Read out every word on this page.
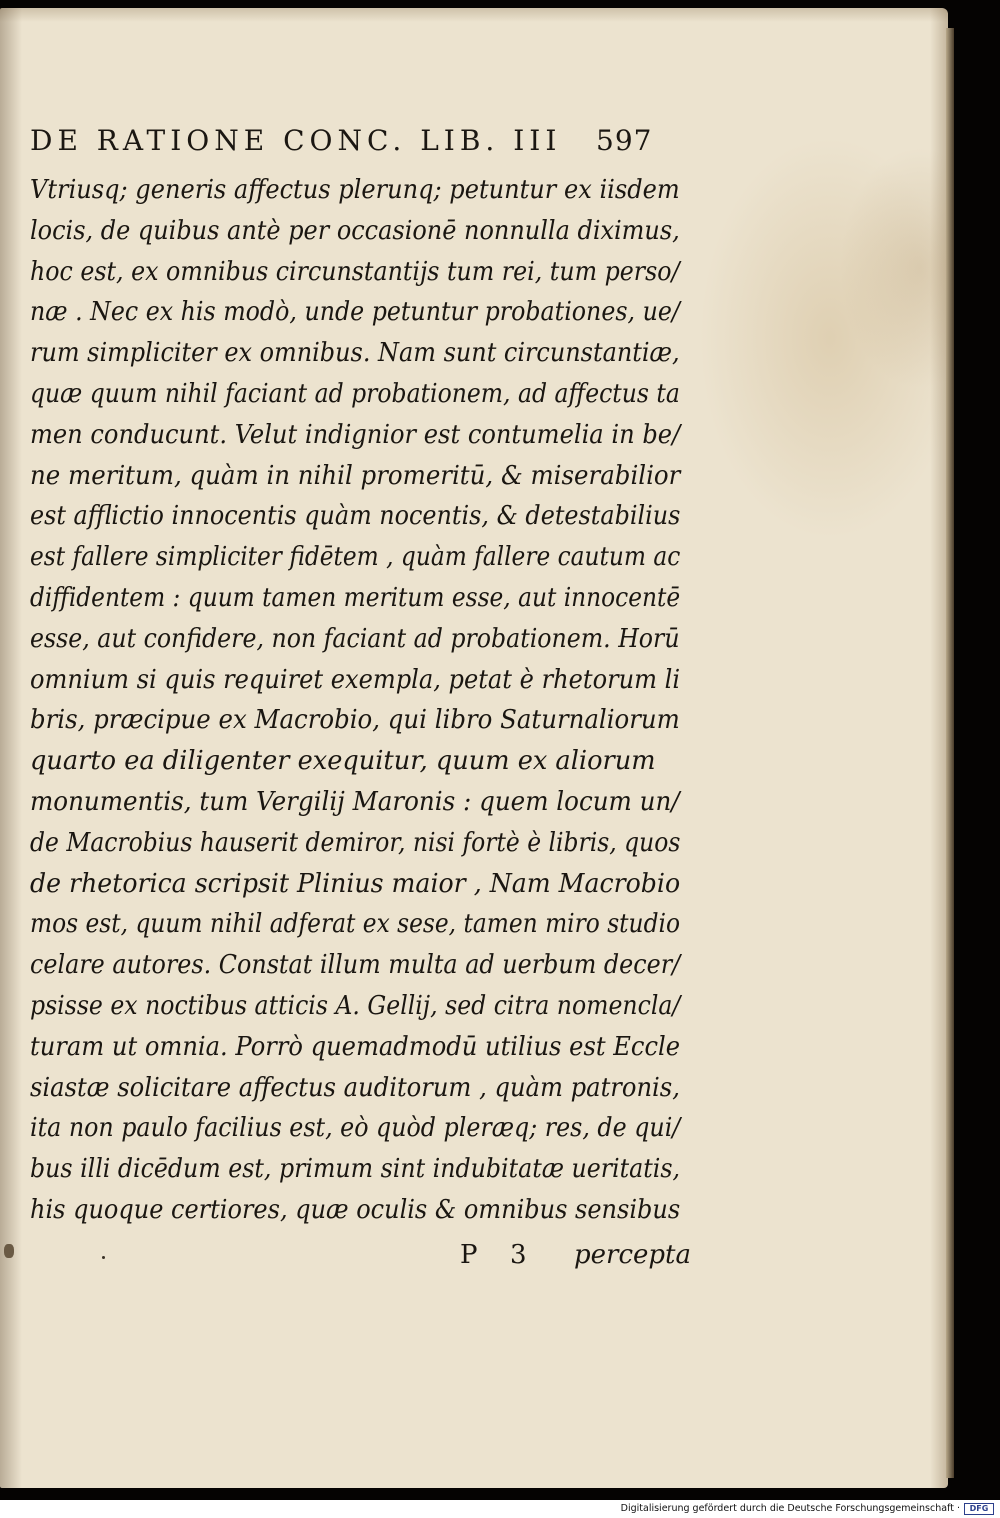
DE RATIONE CONC. LIB. III 597
Vtriusq; generis affectus plerunq; petuntur ex iisdem
locis, de quibus antè per occasionē nonnulla diximus,
hoc est, ex omnibus circunstantijs tum rei, tum perso/
næ . Nec ex his modò, unde petuntur probationes, ue/
rum simpliciter ex omnibus. Nam sunt circunstantiæ,
quæ quum nihil faciant ad probationem, ad affectus ta
men conducunt. Velut indignior est contumelia in be/
ne meritum, quàm in nihil promeritū, & miserabilior
est afflictio innocentis quàm nocentis, & detestabilius
est fallere simpliciter fidētem , quàm fallere cautum ac
diffidentem : quum tamen meritum esse, aut innocentē
esse, aut confidere, non faciant ad probationem. Horū
omnium si quis requiret exempla, petat è rhetorum li
bris, præcipue ex Macrobio, qui libro Saturnaliorum
quarto ea diligenter exequitur, quum ex aliorum
monumentis, tum Vergilij Maronis : quem locum un/
de Macrobius hauserit demiror, nisi fortè è libris, quos
de rhetorica scripsit Plinius maior , Nam Macrobio
mos est, quum nihil adferat ex sese, tamen miro studio
celare autores. Constat illum multa ad uerbum decer/
psisse ex noctibus atticis A. Gellij, sed citra nomencla/
turam ut omnia. Porrò quemadmodū utilius est Eccle
siastæ solicitare affectus auditorum , quàm patronis,
ita non paulo facilius est, eò quòd pleræq; res, de qui/
bus illi dicēdum est, primum sint indubitatæ ueritatis,
his quoque certiores, quæ oculis & omnibus sensibus
P 3 percepta
Digitalisierung gefördert durch die Deutsche Forschungsgemeinschaft ·	DFG
